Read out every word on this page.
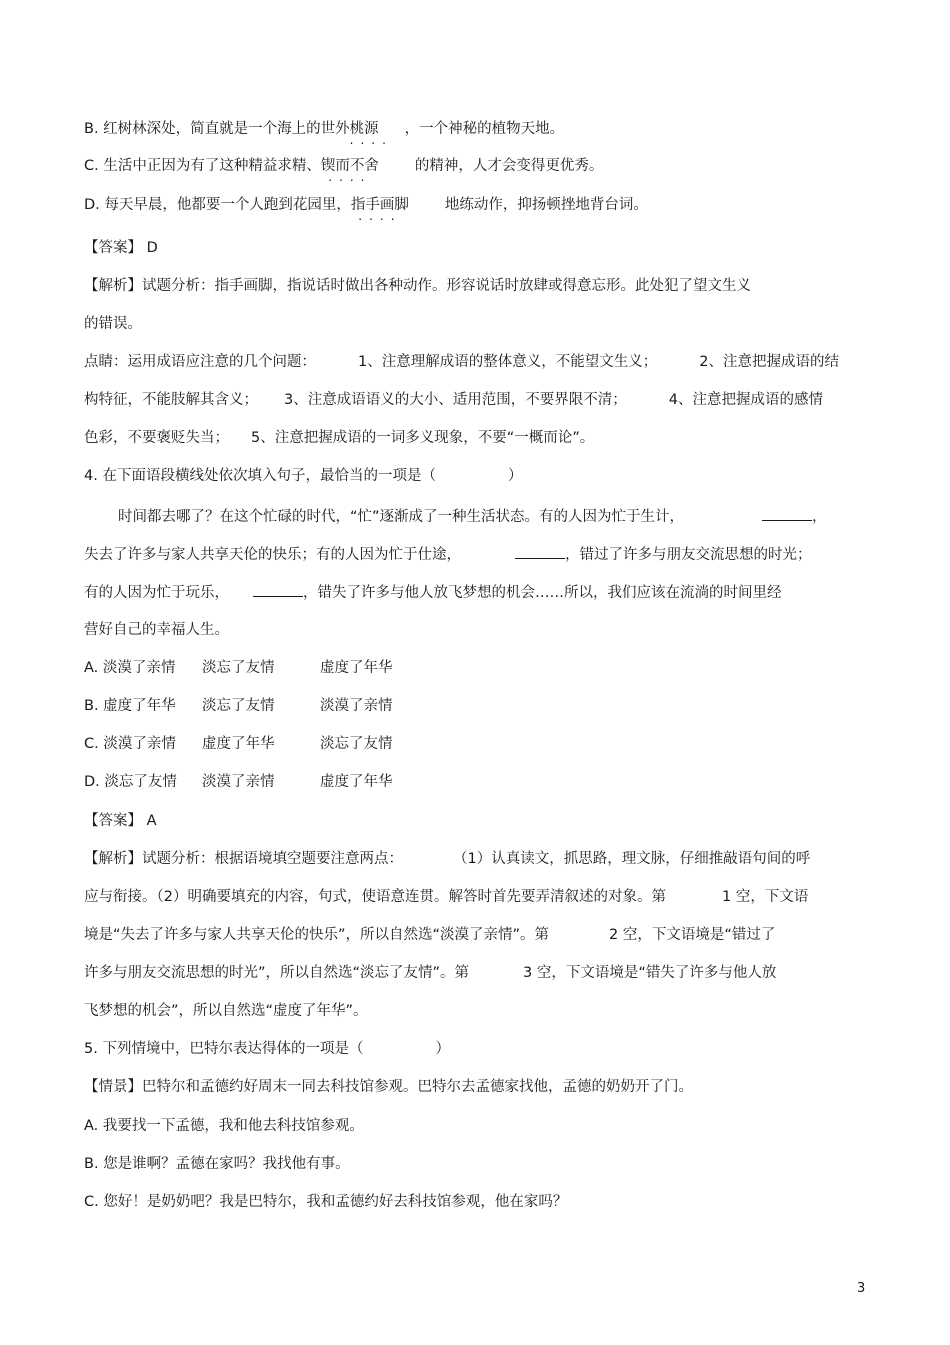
B. 红树林深处，简直就是一个海上的世外桃源
....
，一个神秘的植物天地。
C. 生活中正因为有了这种精益求精、锲而不舍
....
的精神，人才会变得更优秀。
D. 每天早晨，他都要一个人跑到花园里，指手画脚
....
地练动作，抑扬顿挫地背台词。
【答案】 D
【解析】试题分析：指手画脚，指说话时做出各种动作。形容说话时放肆或得意忘形。此处犯了望文生义
的错误。
点睛：运用成语应注意的几个问题：	1、注意理解成语的整体意义，不能望文生义；	2、注意把握成语的结
构特征，不能肢解其含义； 3、注意成语语义的大小、适用范围，不要界限不清；	4、注意把握成语的感情
色彩，不要褒贬失当； 5、注意把握成语的一词多义现象，不要“一概而论”。
4. 在下面语段横线处依次填入句子，最恰当的一项是（	）
时间都去哪了？在这个忙碌的时代，“忙”逐渐成了一种生活状态。有的人因为忙于生计，	，
失去了许多与家人共享天伦的快乐；有的人因为忙于仕途，	，错过了许多与朋友交流思想的时光；
有的人因为忙于玩乐，	，错失了许多与他人放飞梦想的机会……所以，我们应该在流淌的时间里经
营好自己的幸福人生。
A. 淡漠了亲情 淡忘了友情	虚度了年华
B. 虚度了年华 淡忘了友情	淡漠了亲情
C. 淡漠了亲情 虚度了年华	淡忘了友情
D. 淡忘了友情 淡漠了亲情	虚度了年华
【答案】 A
【解析】试题分析：根据语境填空题要注意两点：	（1）认真读文，抓思路，理文脉，仔细推敲语句间的呼
应与衔接。（2）明确要填充的内容，句式，使语意连贯。解答时首先要弄清叙述的对象。第	1 空，下文语
境是“失去了许多与家人共享天伦的快乐”，所以自然选“淡漠了亲情”。第	2 空，下文语境是“错过了
许多与朋友交流思想的时光”，所以自然选“淡忘了友情”。第	3 空，下文语境是“错失了许多与他人放
飞梦想的机会”，所以自然选“虚度了年华”。
5. 下列情境中，巴特尔表达得体的一项是（	）
【情景】巴特尔和孟德约好周末一同去科技馆参观。巴特尔去孟德家找他，孟德的奶奶开了门。
A. 我要找一下孟德，我和他去科技馆参观。
B. 您是谁啊？孟德在家吗？我找他有事。
C. 您好！是奶奶吧？我是巴特尔，我和孟德约好去科技馆参观，他在家吗？
3
